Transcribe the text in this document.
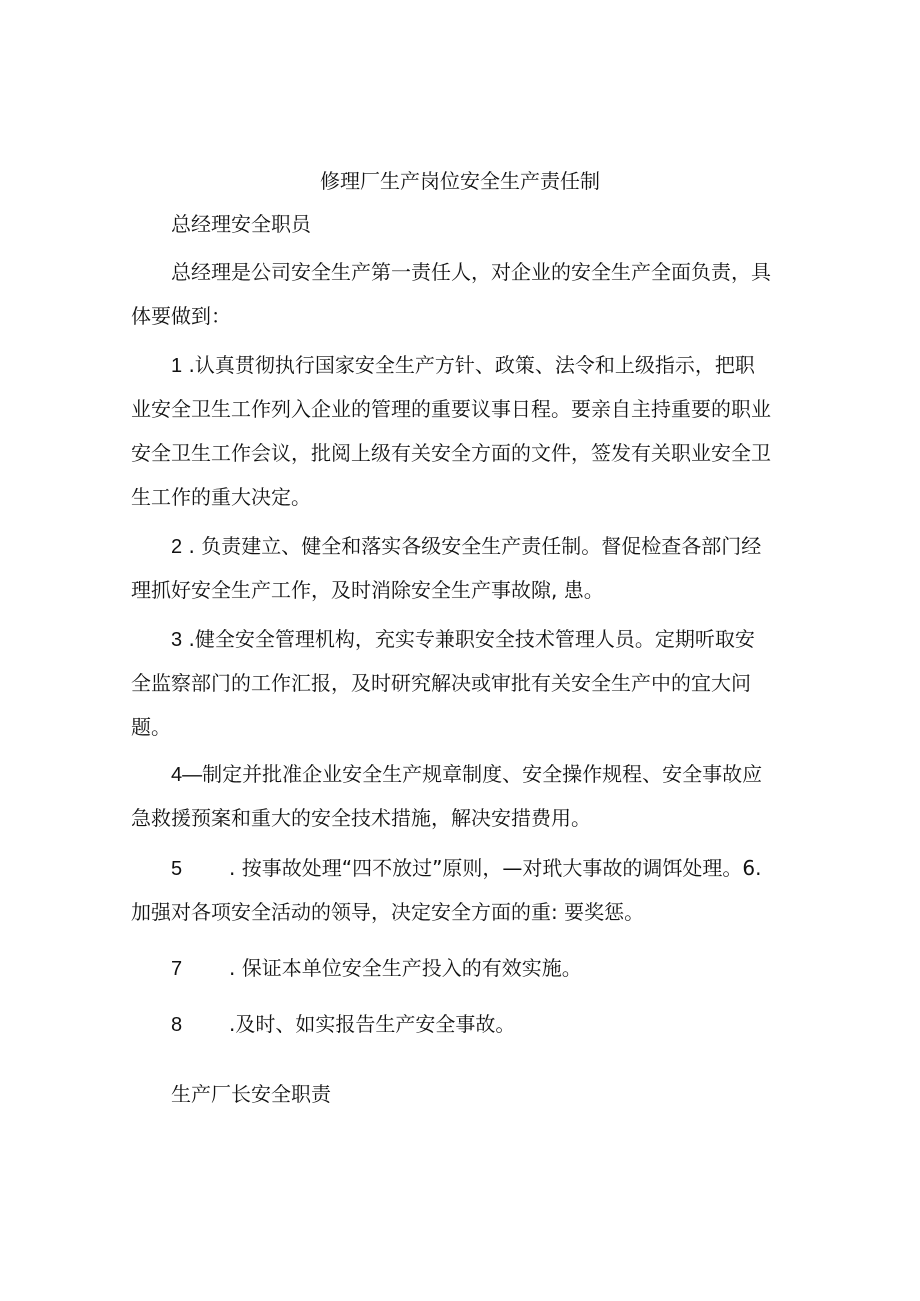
修理厂生产岗位安全生产责任制
总经理安全职员
总经理是公司安全生产第一责任人，对企业的安全生产全面负责，具
体要做到：
1 .认真贯彻执行国家安全生产方针、政策、法令和上级指示，把职
业安全卫生工作列入企业的管理的重要议事日程。要亲自主持重要的职业
安全卫生工作会议，批阅上级有关安全方面的文件，签发有关职业安全卫
生工作的重大决定。
2 . 负责建立、健全和落实各级安全生产责任制。督促检查各部门经
理抓好安全生产工作，及时消除安全生产事故隙, 患。
3 .健全安全管理机构，充实专兼职安全技术管理人员。定期听取安
全监察部门的工作汇报，及时研究解决或审批有关安全生产中的宜大问
题。
4—制定并批准企业安全生产规章制度、安全操作规程、安全事故应
急救援预案和重大的安全技术措施，解决安措费用。
5 . 按事故处理“四不放过”原则，—对玳大事故的调饵处理。6.
加强对各项安全活动的领导，决定安全方面的重: 要奖惩。
7 . 保证本单位安全生产投入的有效实施。
8 .及时、如实报告生产安全事故。
生产厂长安全职责
